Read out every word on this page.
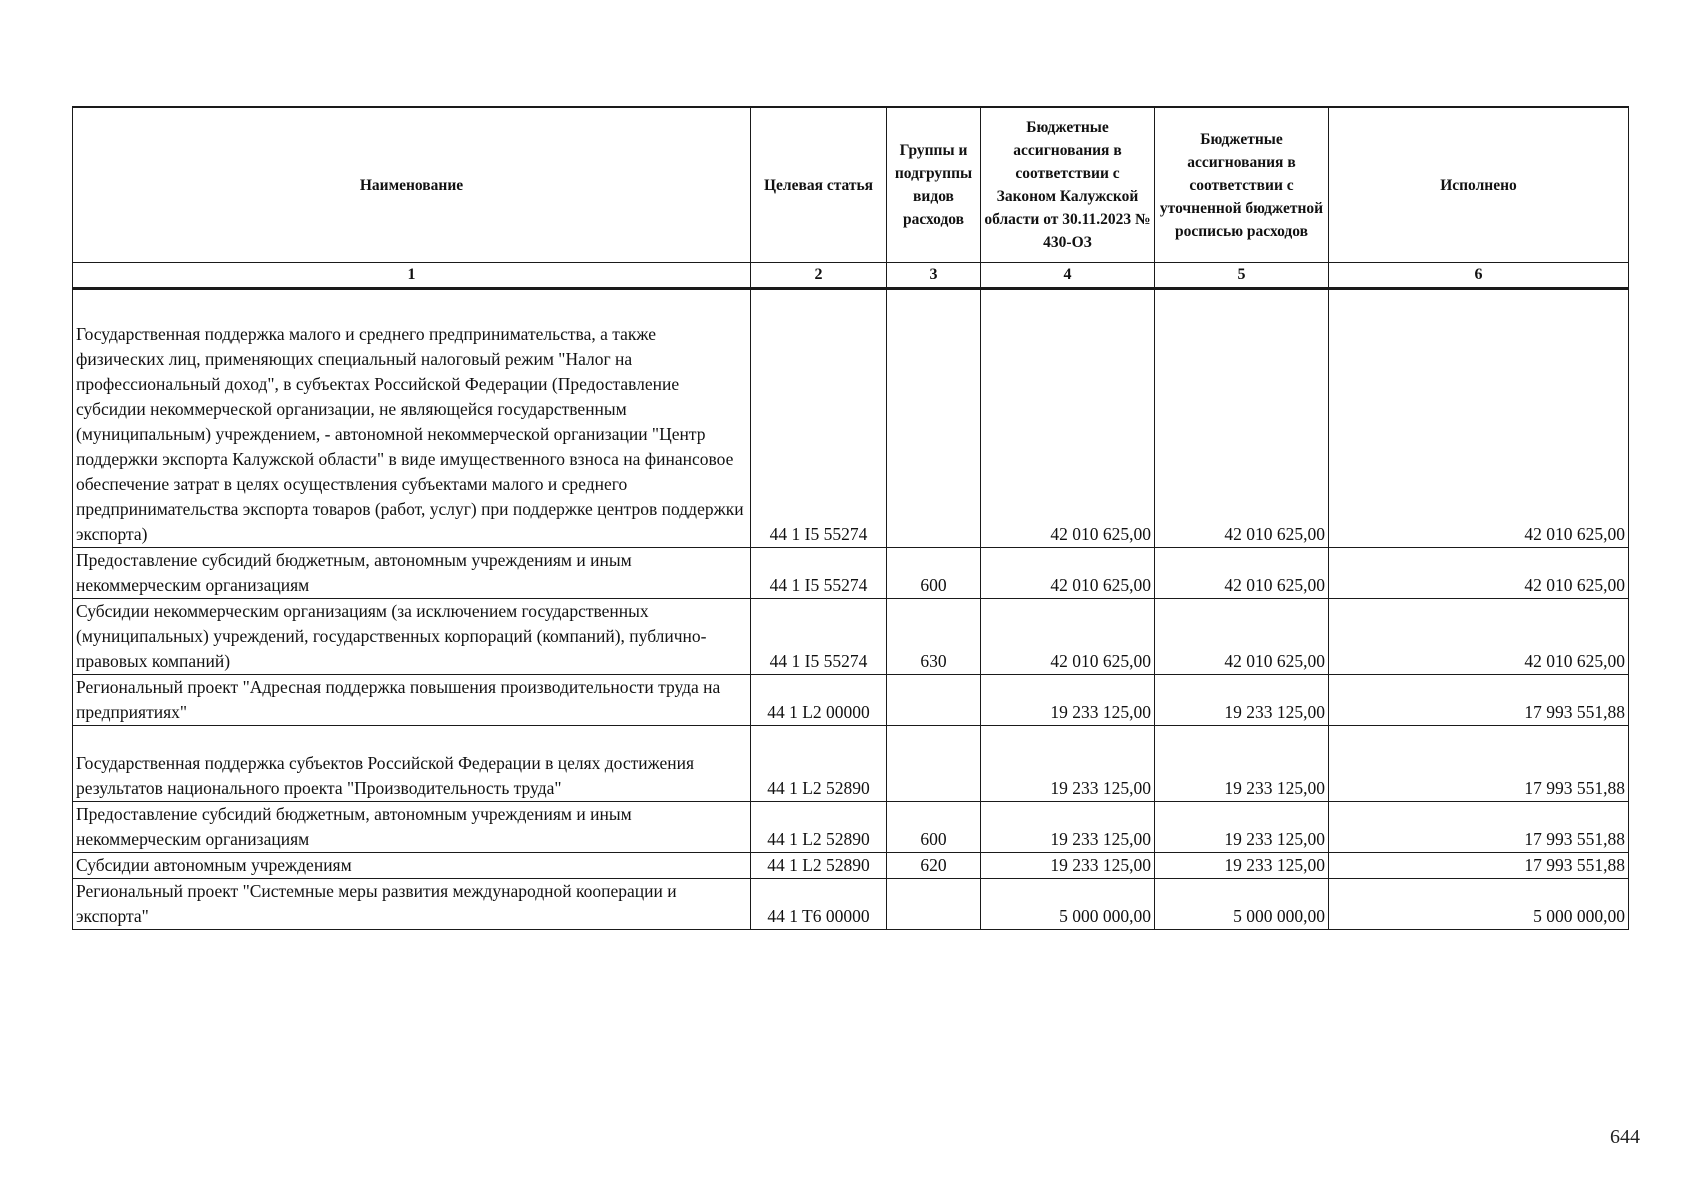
Наименование	Целевая статья	Группы и подгруппы видов расходов	Бюджетные ассигнования в соответствии с Законом Калужской области от 30.11.2023 № 430-ОЗ	Бюджетные ассигнования в соответствии с уточненной бюджетной росписью расходов	Исполнено
1	2	3	4	5	6
Государственная поддержка малого и среднего предпринимательства, а также физических лиц, применяющих специальный налоговый режим "Налог на профессиональный доход", в субъектах Российской Федерации (Предоставление субсидии некоммерческой организации, не являющейся государственным (муниципальным) учреждением, - автономной некоммерческой организации "Центр поддержки экспорта Калужской области" в виде имущественного взноса на финансовое обеспечение затрат в целях осуществления субъектами малого и среднего предпринимательства экспорта товаров (работ, услуг) при поддержке центров поддержки экспорта)	44 1 I5 55274		42 010 625,00	42 010 625,00	42 010 625,00
Предоставление субсидий бюджетным, автономным учреждениям и иным некоммерческим организациям	44 1 I5 55274	600	42 010 625,00	42 010 625,00	42 010 625,00
Субсидии некоммерческим организациям (за исключением государственных (муниципальных) учреждений, государственных корпораций (компаний), публично-правовых компаний)	44 1 I5 55274	630	42 010 625,00	42 010 625,00	42 010 625,00
Региональный проект "Адресная поддержка повышения производительности труда на предприятиях"	44 1 L2 00000		19 233 125,00	19 233 125,00	17 993 551,88
Государственная поддержка субъектов Российской Федерации в целях достижения результатов национального проекта "Производительность труда"	44 1 L2 52890		19 233 125,00	19 233 125,00	17 993 551,88
Предоставление субсидий бюджетным, автономным учреждениям и иным некоммерческим организациям	44 1 L2 52890	600	19 233 125,00	19 233 125,00	17 993 551,88
Субсидии автономным учреждениям	44 1 L2 52890	620	19 233 125,00	19 233 125,00	17 993 551,88
Региональный проект "Системные меры развития международной кооперации и экспорта"	44 1 T6 00000		5 000 000,00	5 000 000,00	5 000 000,00
644
